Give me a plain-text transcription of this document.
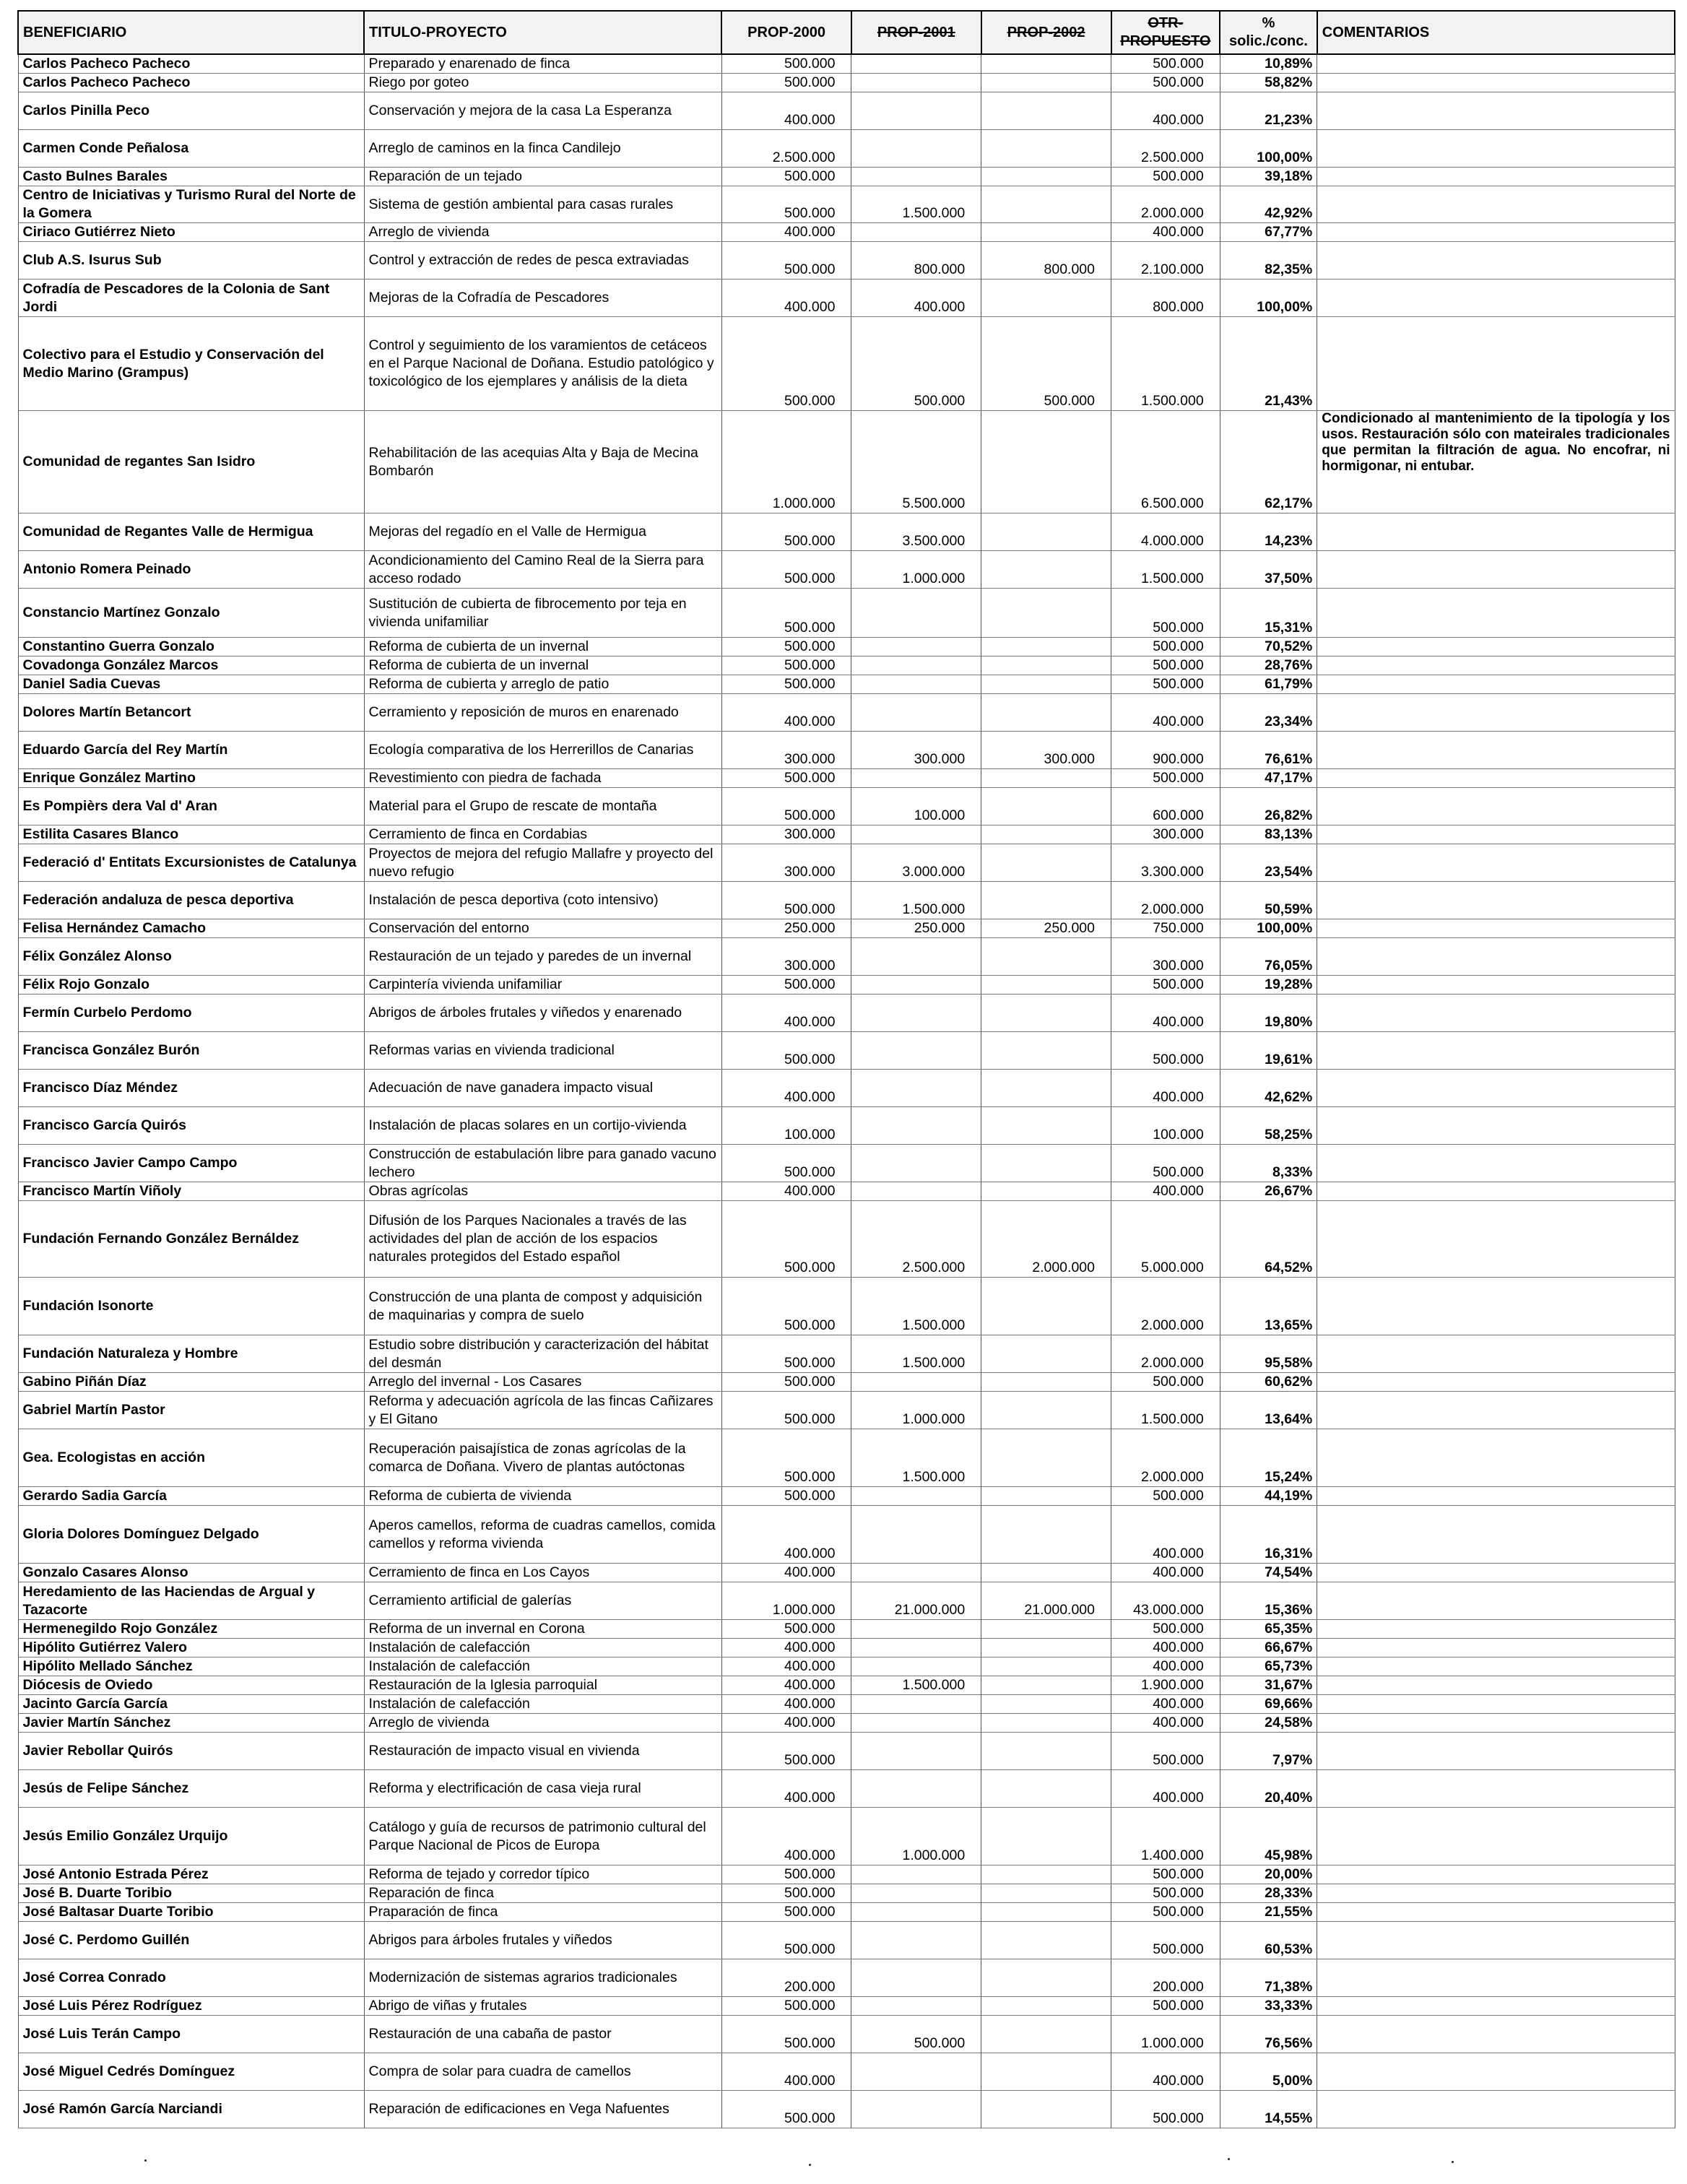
BENEFICIARIO	TITULO-PROYECTO	PROP-2000	PROP-2001	PROP-2002	OTR-PROPUESTO	% solic./conc.	COMENTARIOS
Carlos Pacheco Pacheco	Preparado y enarenado de finca	500.000			500.000	10,89%	
Carlos Pacheco Pacheco	Riego por goteo	500.000			500.000	58,82%	
Carlos Pinilla Peco	Conservación y mejora de la casa La Esperanza	400.000			400.000	21,23%	
Carmen Conde Peñalosa	Arreglo de caminos en la finca Candilejo	2.500.000			2.500.000	100,00%	
Casto Bulnes Barales	Reparación de un tejado	500.000			500.000	39,18%	
Centro de Iniciativas y Turismo Rural del Norte de la Gomera	Sistema de gestión ambiental para casas rurales	500.000	1.500.000		2.000.000	42,92%	
Ciriaco Gutiérrez Nieto	Arreglo de vivienda	400.000			400.000	67,77%	
Club A.S. Isurus Sub	Control y extracción de redes de pesca extraviadas	500.000	800.000	800.000	2.100.000	82,35%	
Cofradía de Pescadores de la Colonia de Sant Jordi	Mejoras de la Cofradía de Pescadores	400.000	400.000		800.000	100,00%	
Colectivo para el Estudio y Conservación del Medio Marino (Grampus)	Control y seguimiento de los varamientos de cetáceos en el Parque Nacional de Doñana. Estudio patológico y toxicológico de los ejemplares y análisis de la dieta	500.000	500.000	500.000	1.500.000	21,43%	
Comunidad de regantes San Isidro	Rehabilitación de las acequias Alta y Baja de Mecina Bombarón	1.000.000	5.500.000		6.500.000	62,17%	Condicionado al mantenimiento de la tipología y los usos. Restauración sólo con mateirales tradicionales que permitan la filtración de agua. No encofrar, ni hormigonar, ni entubar.
Comunidad de Regantes Valle de Hermigua	Mejoras del regadío en el Valle de Hermigua	500.000	3.500.000		4.000.000	14,23%	
Antonio Romera Peinado	Acondicionamiento del Camino Real de la Sierra para acceso rodado	500.000	1.000.000		1.500.000	37,50%	
Constancio Martínez Gonzalo	Sustitución de cubierta de fibrocemento por teja en vivienda unifamiliar	500.000			500.000	15,31%	
Constantino Guerra Gonzalo	Reforma de cubierta de un invernal	500.000			500.000	70,52%	
Covadonga González Marcos	Reforma de cubierta de un invernal	500.000			500.000	28,76%	
Daniel Sadia Cuevas	Reforma de cubierta y arreglo de patio	500.000			500.000	61,79%	
Dolores Martín Betancort	Cerramiento y reposición de muros en enarenado	400.000			400.000	23,34%	
Eduardo García del Rey Martín	Ecología comparativa de los Herrerillos de Canarias	300.000	300.000	300.000	900.000	76,61%	
Enrique González Martino	Revestimiento con piedra de fachada	500.000			500.000	47,17%	
Es Pompièrs dera Val d' Aran	Material para el Grupo de rescate de montaña	500.000	100.000		600.000	26,82%	
Estilita Casares Blanco	Cerramiento de finca en Cordabias	300.000			300.000	83,13%	
Federació d' Entitats Excursionistes de Catalunya	Proyectos de mejora del refugio Mallafre y proyecto del nuevo refugio	300.000	3.000.000		3.300.000	23,54%	
Federación andaluza de pesca deportiva	Instalación de pesca deportiva (coto intensivo)	500.000	1.500.000		2.000.000	50,59%	
Felisa Hernández Camacho	Conservación del entorno	250.000	250.000	250.000	750.000	100,00%	
Félix González Alonso	Restauración de un tejado y paredes de un invernal	300.000			300.000	76,05%	
Félix Rojo Gonzalo	Carpintería vivienda unifamiliar	500.000			500.000	19,28%	
Fermín Curbelo Perdomo	Abrigos de árboles frutales y viñedos y enarenado	400.000			400.000	19,80%	
Francisca González Burón	Reformas varias en vivienda tradicional	500.000			500.000	19,61%	
Francisco Díaz Méndez	Adecuación de nave ganadera impacto visual	400.000			400.000	42,62%	
Francisco García Quirós	Instalación de placas solares en un cortijo-vivienda	100.000			100.000	58,25%	
Francisco Javier Campo Campo	Construcción de estabulación libre para ganado vacuno lechero	500.000			500.000	8,33%	
Francisco Martín Viñoly	Obras agrícolas	400.000			400.000	26,67%	
Fundación Fernando González Bernáldez	Difusión de los Parques Nacionales a través de las actividades del plan de acción de los espacios naturales protegidos del Estado español	500.000	2.500.000	2.000.000	5.000.000	64,52%	
Fundación Isonorte	Construcción de una planta de compost y adquisición de maquinarias y compra de suelo	500.000	1.500.000		2.000.000	13,65%	
Fundación Naturaleza y Hombre	Estudio sobre distribución y caracterización del hábitat del desmán	500.000	1.500.000		2.000.000	95,58%	
Gabino Piñán Díaz	Arreglo del invernal - Los Casares	500.000			500.000	60,62%	
Gabriel Martín Pastor	Reforma y adecuación agrícola de las fincas Cañizares y El Gitano	500.000	1.000.000		1.500.000	13,64%	
Gea. Ecologistas en acción	Recuperación paisajística de zonas agrícolas de la comarca de Doñana. Vivero de plantas autóctonas	500.000	1.500.000		2.000.000	15,24%	
Gerardo Sadia García	Reforma de cubierta de vivienda	500.000			500.000	44,19%	
Gloria Dolores Domínguez Delgado	Aperos camellos, reforma de cuadras camellos, comida camellos y reforma vivienda	400.000			400.000	16,31%	
Gonzalo Casares Alonso	Cerramiento de finca en Los Cayos	400.000			400.000	74,54%	
Heredamiento de las Haciendas de Argual y Tazacorte	Cerramiento artificial de galerías	1.000.000	21.000.000	21.000.000	43.000.000	15,36%	
Hermenegildo Rojo González	Reforma de un invernal en Corona	500.000			500.000	65,35%	
Hipólito Gutiérrez Valero	Instalación de calefacción	400.000			400.000	66,67%	
Hipólito Mellado Sánchez	Instalación de calefacción	400.000			400.000	65,73%	
Diócesis de Oviedo	Restauración de la Iglesia parroquial	400.000	1.500.000		1.900.000	31,67%	
Jacinto García García	Instalación de calefacción	400.000			400.000	69,66%	
Javier Martín Sánchez	Arreglo de vivienda	400.000			400.000	24,58%	
Javier Rebollar Quirós	Restauración de impacto visual en vivienda	500.000			500.000	7,97%	
Jesús de Felipe Sánchez	Reforma y electrificación de casa vieja rural	400.000			400.000	20,40%	
Jesús Emilio González Urquijo	Catálogo y guía de recursos de patrimonio cultural del Parque Nacional de Picos de Europa	400.000	1.000.000		1.400.000	45,98%	
José Antonio Estrada Pérez	Reforma de tejado y corredor típico	500.000			500.000	20,00%	
José B. Duarte Toribio	Reparación de finca	500.000			500.000	28,33%	
José Baltasar Duarte Toribio	Praparación de finca	500.000			500.000	21,55%	
José C. Perdomo Guillén	Abrigos para árboles frutales y viñedos	500.000			500.000	60,53%	
José Correa Conrado	Modernización de sistemas agrarios tradicionales	200.000			200.000	71,38%	
José Luis Pérez Rodríguez	Abrigo de viñas y frutales	500.000			500.000	33,33%	
José Luis Terán Campo	Restauración de una cabaña de pastor	500.000	500.000		1.000.000	76,56%	
José Miguel Cedrés Domínguez	Compra de solar para cuadra de camellos	400.000			400.000	5,00%	
José Ramón García Narciandi	Reparación de edificaciones en Vega Nafuentes	500.000			500.000	14,55%	
